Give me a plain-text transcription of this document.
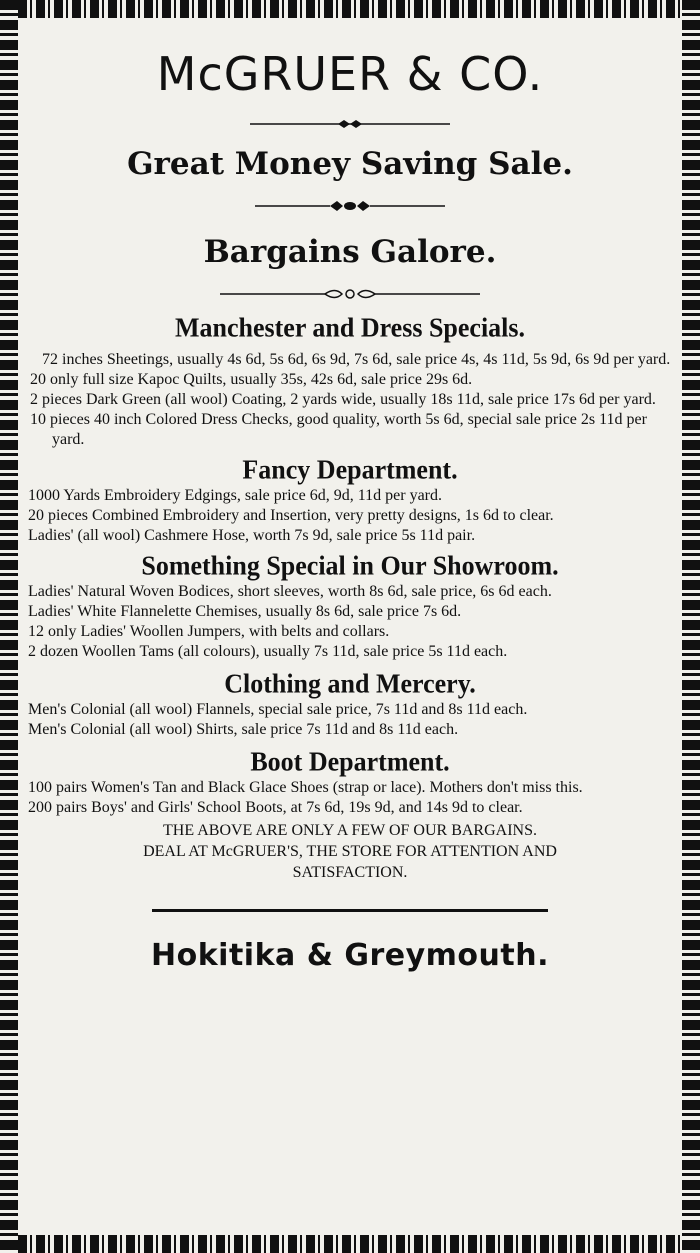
McGRUER & CO.
Great Money Saving Sale.
Bargains Galore.
Manchester and Dress Specials.
72 inches Sheetings, usually 4s 6d, 5s 6d, 6s 9d, 7s 6d, sale price 4s, 4s 11d, 5s 9d, 6s 9d per yard.
20 only full size Kapoc Quilts, usually 35s, 42s 6d, sale price 29s 6d.
2 pieces Dark Green (all wool) Coating, 2 yards wide, usually 18s 11d, sale price 17s 6d per yard.
10 pieces 40 inch Colored Dress Checks, good quality, worth 5s 6d, special sale price 2s 11d per yard.
Fancy Department.
1000 Yards Embroidery Edgings, sale price 6d, 9d, 11d per yard.
20 pieces Combined Embroidery and Insertion, very pretty designs, 1s 6d to clear.
Ladies' (all wool) Cashmere Hose, worth 7s 9d, sale price 5s 11d pair.
Something Special in Our Showroom.
Ladies' Natural Woven Bodices, short sleeves, worth 8s 6d, sale price, 6s 6d each.
Ladies' White Flannelette Chemises, usually 8s 6d, sale price 7s 6d.
12 only Ladies' Woollen Jumpers, with belts and collars.
2 dozen Woollen Tams (all colours), usually 7s 11d, sale price 5s 11d each.
Clothing and Mercery.
Men's Colonial (all wool) Flannels, special sale price, 7s 11d and 8s 11d each.
Men's Colonial (all wool) Shirts, sale price 7s 11d and 8s 11d each.
Boot Department.
100 pairs Women's Tan and Black Glace Shoes (strap or lace). Mothers don't miss this.
200 pairs Boys' and Girls' School Boots, at 7s 6d, 19s 9d, and 14s 9d to clear.
THE ABOVE ARE ONLY A FEW OF OUR BARGAINS.
DEAL AT McGRUER'S, THE STORE FOR ATTENTION AND SATISFACTION.
Hokitika & Greymouth.
